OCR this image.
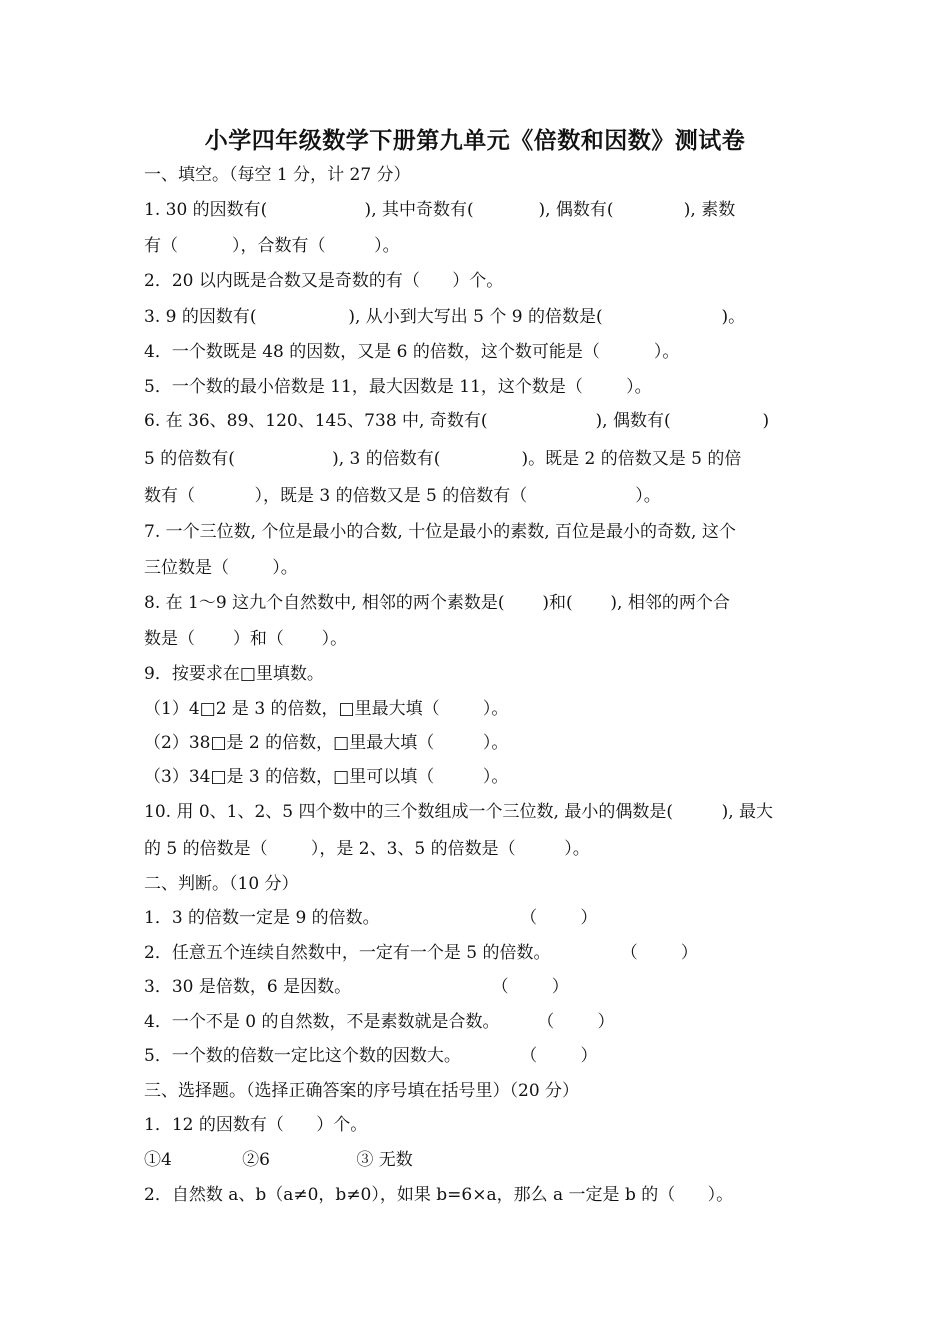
小学四年级数学下册第九单元《倍数和因数》测试卷
一、填空。（每空 1 分，计 27 分）
1. 30 的因数有(                  ), 其中奇数有(            ), 偶数有(             ), 素数
有（          ），合数有（         ）。
2．20 以内既是合数又是奇数的有（      ）个。
3. 9 的因数有(                 ), 从小到大写出 5 个 9 的倍数是(                      )。
4．一个数既是 48 的因数，又是 6 的倍数，这个数可能是（          ）。
5．一个数的最小倍数是 11，最大因数是 11，这个数是（        ）。
6. 在 36、89、120、145、738 中, 奇数有(                    ), 偶数有(                 )
5 的倍数有(                  ), 3 的倍数有(               )。既是 2 的倍数又是 5 的倍
数有（           ），既是 3 的倍数又是 5 的倍数有（                    ）。
7. 一个三位数, 个位是最小的合数, 十位是最小的素数, 百位是最小的奇数, 这个
三位数是（        ）。
8. 在 1～9 这九个自然数中, 相邻的两个素数是(       )和(       ), 相邻的两个合
数是（       ）和（       ）。
9．按要求在□里填数。
（1）4□2 是 3 的倍数，□里最大填（        ）。
（2）38□是 2 的倍数，□里最大填（         ）。
（3）34□是 3 的倍数，□里可以填（         ）。
10. 用 0、1、2、5 四个数中的三个数组成一个三位数, 最小的偶数是(         ), 最大
的 5 的倍数是（        ），是 2、3、5 的倍数是（         ）。
二、判断。（10 分）
1．3 的倍数一定是 9 的倍数。                          （        ）
2．任意五个连续自然数中，一定有一个是 5 的倍数。             （        ）
3．30 是倍数，6 是因数。                          （        ）
4．一个不是 0 的自然数，不是素数就是合数。       （        ）
5．一个数的倍数一定比这个数的因数大。           （        ）
三、选择题。（选择正确答案的序号填在括号里）（20 分）
1．12 的因数有（      ）个。
①4             ②6                ③ 无数
2．自然数 a、b（a≠0，b≠0），如果 b=6×a，那么 a 一定是 b 的（      ）。
